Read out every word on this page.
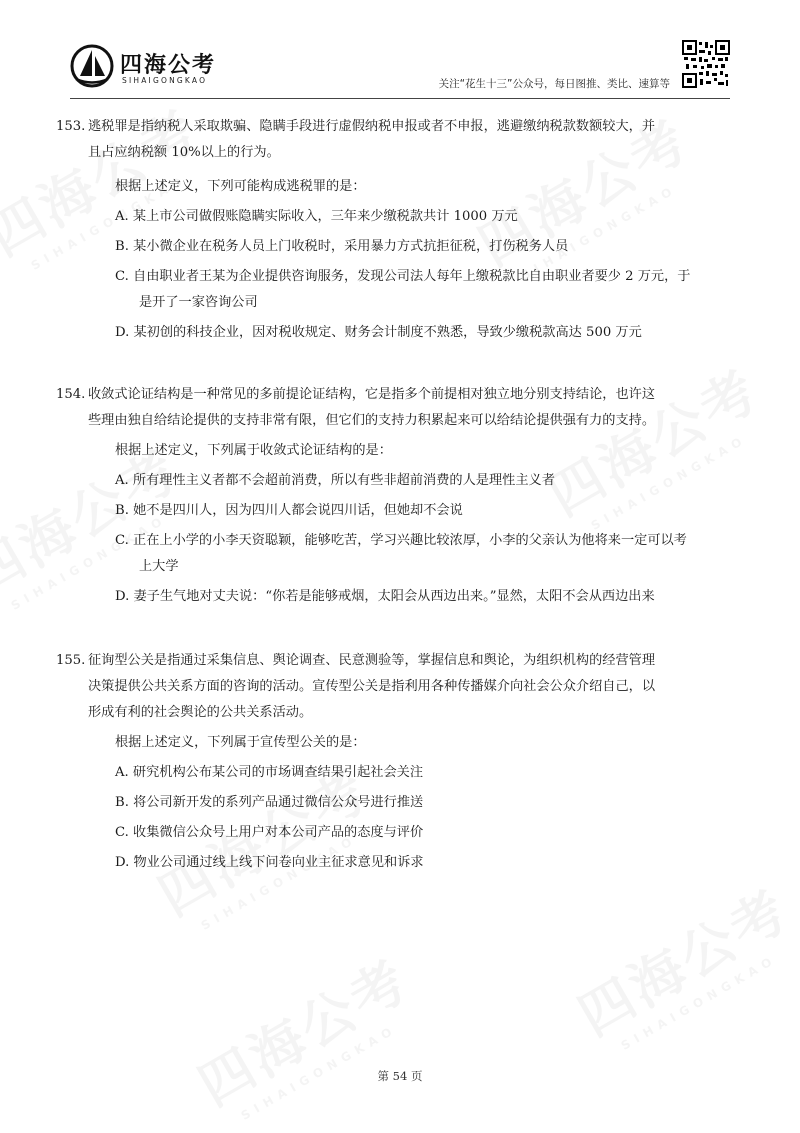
四海公考
SIHAIGONGKAO	关注“花生十三”公众号，每日图推、类比、速算等
153. 逃税罪是指纳税人采取欺骗、隐瞒手段进行虚假纳税申报或者不申报，逃避缴纳税款数额较大，并
且占应纳税额 10%以上的行为。
根据上述定义，下列可能构成逃税罪的是：
A. 某上市公司做假账隐瞒实际收入，三年来少缴税款共计 1000 万元
B. 某小微企业在税务人员上门收税时，采用暴力方式抗拒征税，打伤税务人员
C. 自由职业者王某为企业提供咨询服务，发现公司法人每年上缴税款比自由职业者要少 2 万元，于
是开了一家咨询公司
D. 某初创的科技企业，因对税收规定、财务会计制度不熟悉，导致少缴税款高达 500 万元
154. 收敛式论证结构是一种常见的多前提论证结构，它是指多个前提相对独立地分别支持结论，也许这
些理由独自给结论提供的支持非常有限，但它们的支持力积累起来可以给结论提供强有力的支持。
根据上述定义，下列属于收敛式论证结构的是：
A. 所有理性主义者都不会超前消费，所以有些非超前消费的人是理性主义者
B. 她不是四川人，因为四川人都会说四川话，但她却不会说
C. 正在上小学的小李天资聪颖，能够吃苦，学习兴趣比较浓厚，小李的父亲认为他将来一定可以考
上大学
D. 妻子生气地对丈夫说：“你若是能够戒烟，太阳会从西边出来。”显然，太阳不会从西边出来
155. 征询型公关是指通过采集信息、舆论调查、民意测验等，掌握信息和舆论，为组织机构的经营管理
决策提供公共关系方面的咨询的活动。宣传型公关是指利用各种传播媒介向社会公众介绍自己，以
形成有利的社会舆论的公共关系活动。
根据上述定义，下列属于宣传型公关的是：
A. 研究机构公布某公司的市场调查结果引起社会关注
B. 将公司新开发的系列产品通过微信公众号进行推送
C. 收集微信公众号上用户对本公司产品的态度与评价
D. 物业公司通过线上线下问卷向业主征求意见和诉求
第 54 页
